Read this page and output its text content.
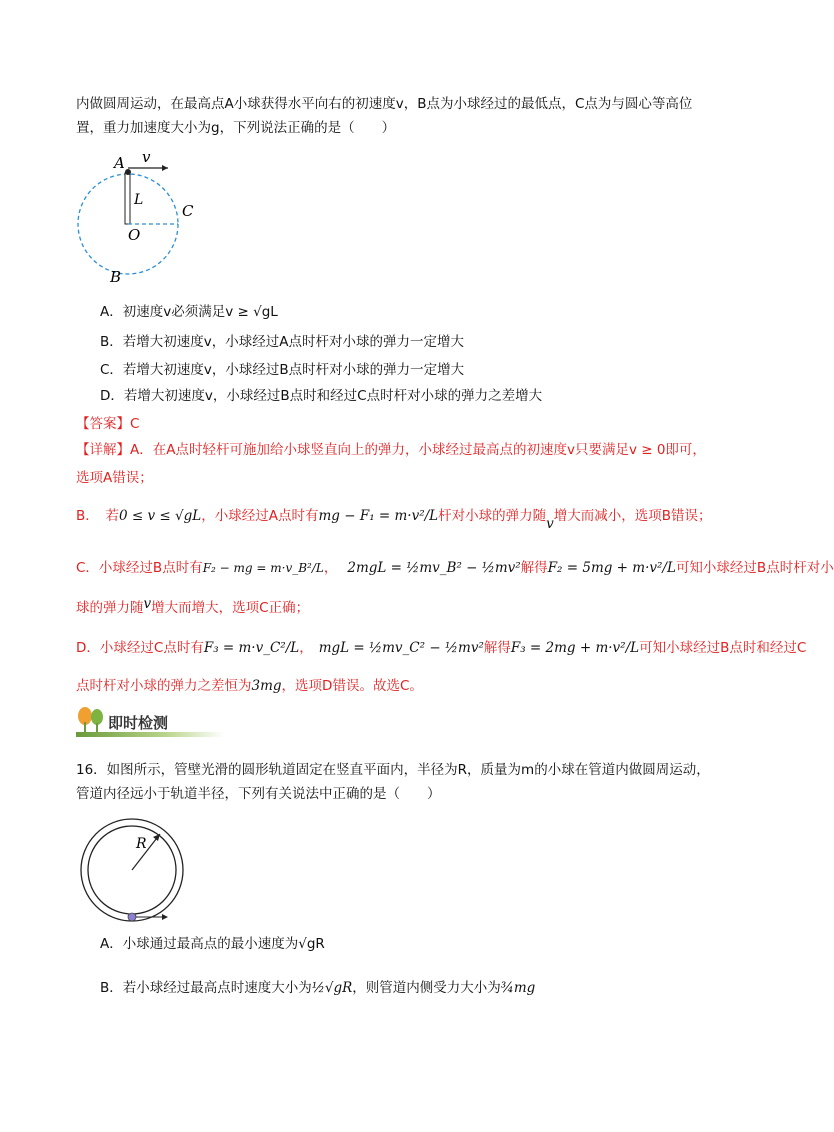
内做圆周运动，在最高点A小球获得水平向右的初速度v，B点为小球经过的最低点，C点为与圆心等高位
置，重力加速度大小为g，下列说法正确的是（　　）
A v
L
C
O
B
A．初速度v必须满足v ≥ √gL
B．若增大初速度v，小球经过A点时杆对小球的弹力一定增大
C．若增大初速度v，小球经过B点时杆对小球的弹力一定增大
D．若增大初速度v，小球经过B点时和经过C点时杆对小球的弹力之差增大
【答案】C
【详解】A．在A点时轻杆可施加给小球竖直向上的弹力，小球经过最高点的初速度v只要满足v ≥ 0即可，
选项A错误；
B．　若0 ≤ v ≤ √gL，小球经过A点时有mg − F₁ = m·v²/L杆对小球的弹力随v增大而减小，选项B错误；
C．小球经过B点时有F₂ − mg = m·v_B²/L， 2mgL = ½mv_B² − ½mv²解得F₂ = 5mg + m·v²/L可知小球经过B点时杆对小
球的弹力随v增大而增大，选项C正确；
D．小球经过C点时有F₃ = m·v_C²/L， mgL = ½mv_C² − ½mv²解得F₃ = 2mg + m·v²/L可知小球经过B点时和经过C
点时杆对小球的弹力之差恒为3mg，选项D错误。故选C。
即时检测
16．如图所示，管壁光滑的圆形轨道固定在竖直平面内，半径为R，质量为m的小球在管道内做圆周运动，
管道内径远小于轨道半径，下列有关说法中正确的是（　　）
R
A．小球通过最高点的最小速度为√gR
B．若小球经过最高点时速度大小为½√gR，则管道内侧受力大小为¾mg
